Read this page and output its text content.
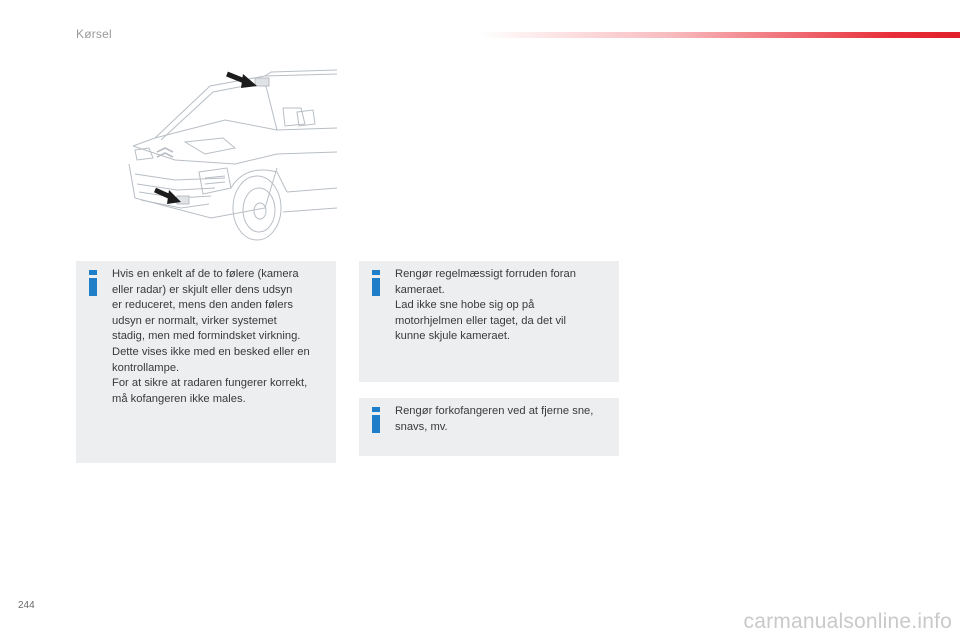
Kørsel

Hvis en enkelt af de to følere (kamera

eller radar) er skjult eller dens udsyn

er reduceret, mens den anden følers

udsyn er normalt, virker systemet

stadig, men med formindsket virkning.

Dette vises ikke med en besked eller en

kontrollampe.

For at sikre at radaren fungerer korrekt,

må kofangeren ikke males.

Rengør regelmæssigt forruden foran

kameraet.

Lad ikke sne hobe sig op på

motorhjelmen eller taget, da det vil

kunne skjule kameraet.

Rengør forkofangeren ved at fjerne sne,

snavs, mv.

244
carmanualsonline.info
